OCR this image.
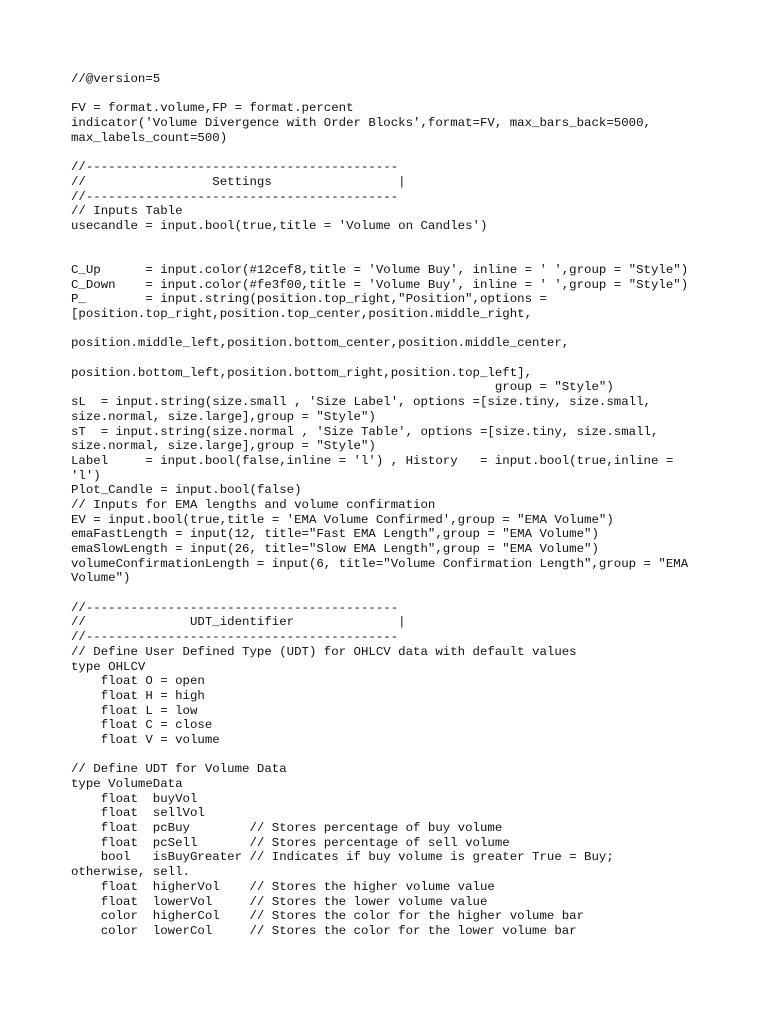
//@version=5
FV = format.volume,FP = format.percent
indicator('Volume Divergence with Order Blocks',format=FV, max_bars_back=5000,
max_labels_count=500)
//------------------------------------------
//                 Settings                 |
//------------------------------------------
// Inputs Table
usecandle = input.bool(true,title = 'Volume on Candles')
C_Up      = input.color(#12cef8,title = 'Volume Buy', inline = ' ',group = "Style")
C_Down    = input.color(#fe3f00,title = 'Volume Buy', inline = ' ',group = "Style")
P_        = input.string(position.top_right,"Position",options =
[position.top_right,position.top_center,position.middle_right,
position.middle_left,position.bottom_center,position.middle_center,
position.bottom_left,position.bottom_right,position.top_left],
group = "Style")
sL  = input.string(size.small , 'Size Label', options =[size.tiny, size.small,
size.normal, size.large],group = "Style")
sT  = input.string(size.normal , 'Size Table', options =[size.tiny, size.small,
size.normal, size.large],group = "Style")
Label     = input.bool(false,inline = 'l') , History   = input.bool(true,inline =
'l')
Plot_Candle = input.bool(false)
// Inputs for EMA lengths and volume confirmation
EV = input.bool(true,title = 'EMA Volume Confirmed',group = "EMA Volume")
emaFastLength = input(12, title="Fast EMA Length",group = "EMA Volume")
emaSlowLength = input(26, title="Slow EMA Length",group = "EMA Volume")
volumeConfirmationLength = input(6, title="Volume Confirmation Length",group = "EMA
Volume")
//------------------------------------------
//              UDT_identifier              |
//------------------------------------------
// Define User Defined Type (UDT) for OHLCV data with default values
type OHLCV
float O = open
float H = high
float L = low
float C = close
float V = volume
// Define UDT for Volume Data
type VolumeData
float  buyVol
float  sellVol
float  pcBuy        // Stores percentage of buy volume
float  pcSell       // Stores percentage of sell volume
bool   isBuyGreater // Indicates if buy volume is greater True = Buy;
otherwise, sell.
float  higherVol    // Stores the higher volume value
float  lowerVol     // Stores the lower volume value
color  higherCol    // Stores the color for the higher volume bar
color  lowerCol     // Stores the color for the lower volume bar
